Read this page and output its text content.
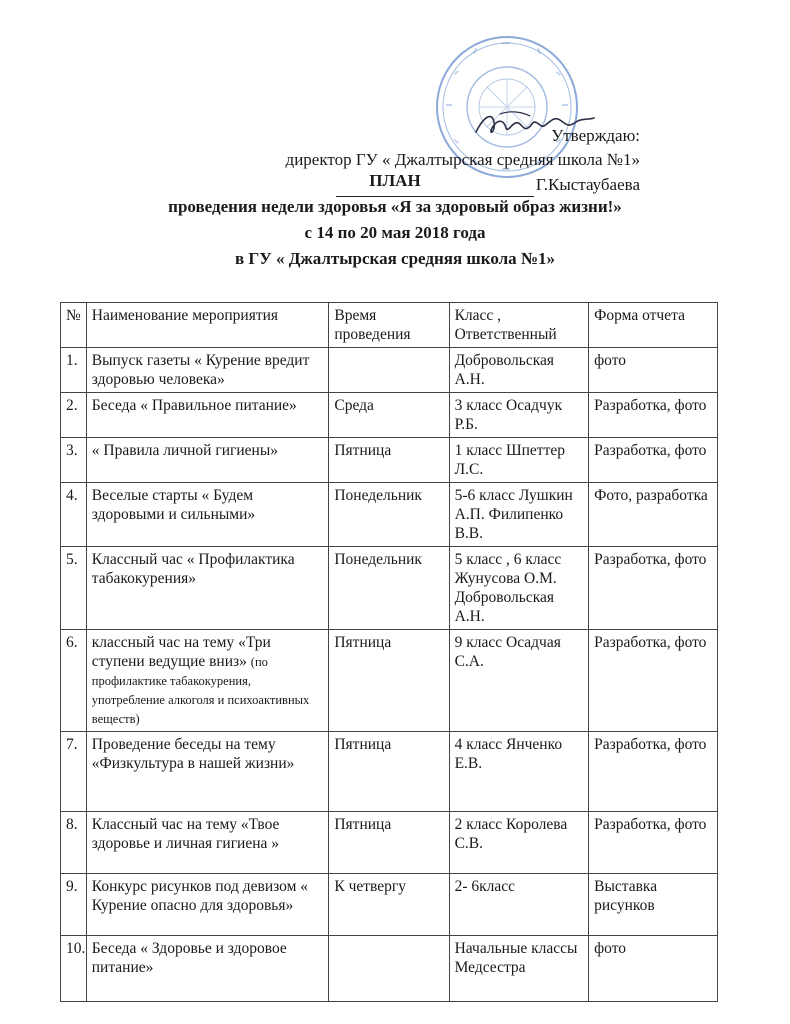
Утверждаю:
директор ГУ « Джалтырская средняя школа №1»
Г.Кыстаубаева
ПЛАН
проведения недели здоровья «Я за здоровый образ жизни!»
с 14 по 20 мая 2018 года
в ГУ « Джалтырская средняя школа №1»
№	Наименование мероприятия	Время проведения	Класс , Ответственный	Форма отчета
1.	Выпуск газеты « Курение вредит здоровью человека»		Добровольская А.Н.	фото
2.	Беседа « Правильное питание»	Среда	3 класс Осадчук Р.Б.	Разработка, фото
3.	« Правила личной гигиены»	Пятница	1 класс Шпеттер Л.С.	Разработка, фото
4.	Веселые старты « Будем здоровыми и сильными»	Понедельник	5-6 класс Лушкин А.П. Филипенко В.В.	Фото, разработка
5.	Классный час « Профилактика табакокурения»	Понедельник	5 класс , 6 класс Жунусова О.М. Добровольская А.Н.	Разработка, фото
6.	классный час на тему «Три ступени ведущие вниз» (по профилактике табакокурения, употребление алкоголя и психоактивных веществ)	Пятница	9 класс Осадчая С.А.	Разработка, фото
7.	Проведение беседы на тему «Физкультура в нашей жизни»	Пятница	4 класс Янченко Е.В.	Разработка, фото
8.	Классный час на тему «Твое здоровье и личная гигиена »	Пятница	2 класс Королева С.В.	Разработка, фото
9.	Конкурс рисунков под девизом « Курение опасно для здоровья»	К четвергу	2- 6класс	Выставка рисунков
10.	Беседа « Здоровье и здоровое питание»		Начальные классы Медсестра	фото
